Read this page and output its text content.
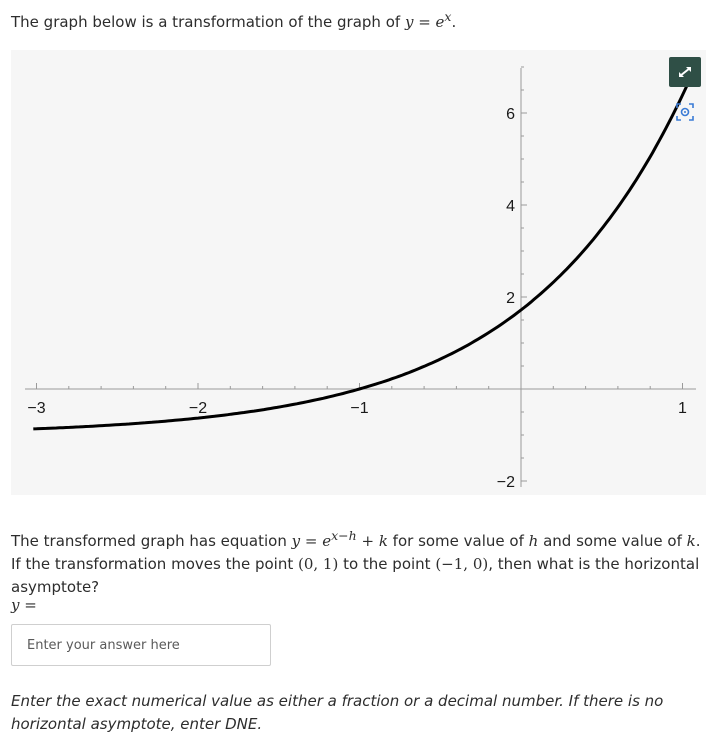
The graph below is a transformation of the graph of $y = e^x$.
−3	−2	−1	1
6
4
2
−2
The transformed graph has equation $y = e^{x-h} + k$ for some value of h and some value of k. If the transformation moves the point (0, 1) to the point (−1, 0), then what is the horizontal asymptote?
y =
Enter your answer here
Enter the exact numerical value as either a fraction or a decimal number. If there is no horizontal asymptote, enter DNE.
